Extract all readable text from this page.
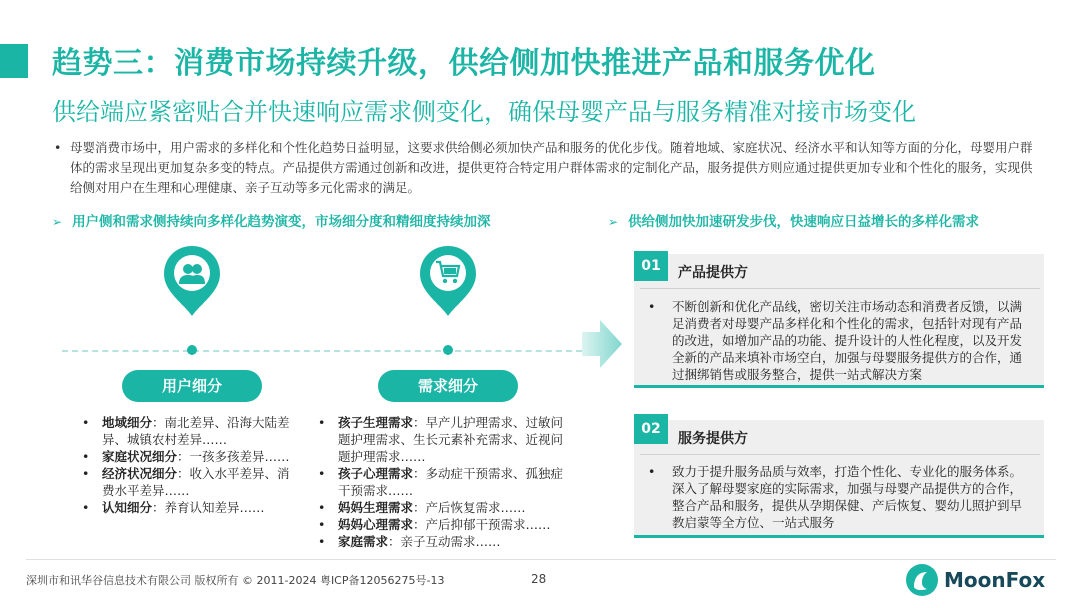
趋势三：消费市场持续升级，供给侧加快推进产品和服务优化
供给端应紧密贴合并快速响应需求侧变化，确保母婴产品与服务精准对接市场变化
• 母婴消费市场中，用户需求的多样化和个性化趋势日益明显，这要求供给侧必须加快产品和服务的优化步伐。随着地域、家庭状况、经济水平和认知等方面的分化，母婴用户群体的需求呈现出更加复杂多变的特点。产品提供方需通过创新和改进，提供更符合特定用户群体需求的定制化产品，服务提供方则应通过提供更加专业和个性化的服务，实现供给侧对用户在生理和心理健康、亲子互动等多元化需求的满足。
➢ 用户侧和需求侧持续向多样化趋势演变，市场细分度和精细度持续加深	➢ 供给侧加快加速研发步伐，快速响应日益增长的多样化需求
用户细分	需求细分
• 地域细分：南北差异、沿海大陆差异、城镇农村差异……
• 家庭状况细分：一孩多孩差异……
• 经济状况细分：收入水平差异、消费水平差异……
• 认知细分：养育认知差异……
• 孩子生理需求：早产儿护理需求、过敏问题护理需求、生长元素补充需求、近视问题护理需求……
• 孩子心理需求：多动症干预需求、孤独症干预需求……
• 妈妈生理需求：产后恢复需求……
• 妈妈心理需求：产后抑郁干预需求……
• 家庭需求：亲子互动需求……
01	产品提供方
• 不断创新和优化产品线，密切关注市场动态和消费者反馈，以满足消费者对母婴产品多样化和个性化的需求，包括针对现有产品的改进，如增加产品的功能、提升设计的人性化程度，以及开发全新的产品来填补市场空白，加强与母婴服务提供方的合作，通过捆绑销售或服务整合，提供一站式解决方案
02
服务提供方
• 致力于提升服务品质与效率，打造个性化、专业化的服务体系。深入了解母婴家庭的实际需求，加强与母婴产品提供方的合作，整合产品和服务，提供从孕期保健、产后恢复、婴幼儿照护到早教启蒙等全方位、一站式服务
深圳市和讯华谷信息技术有限公司 版权所有 © 2011-2024 粤ICP备12056275号-13	28	MoonFox
